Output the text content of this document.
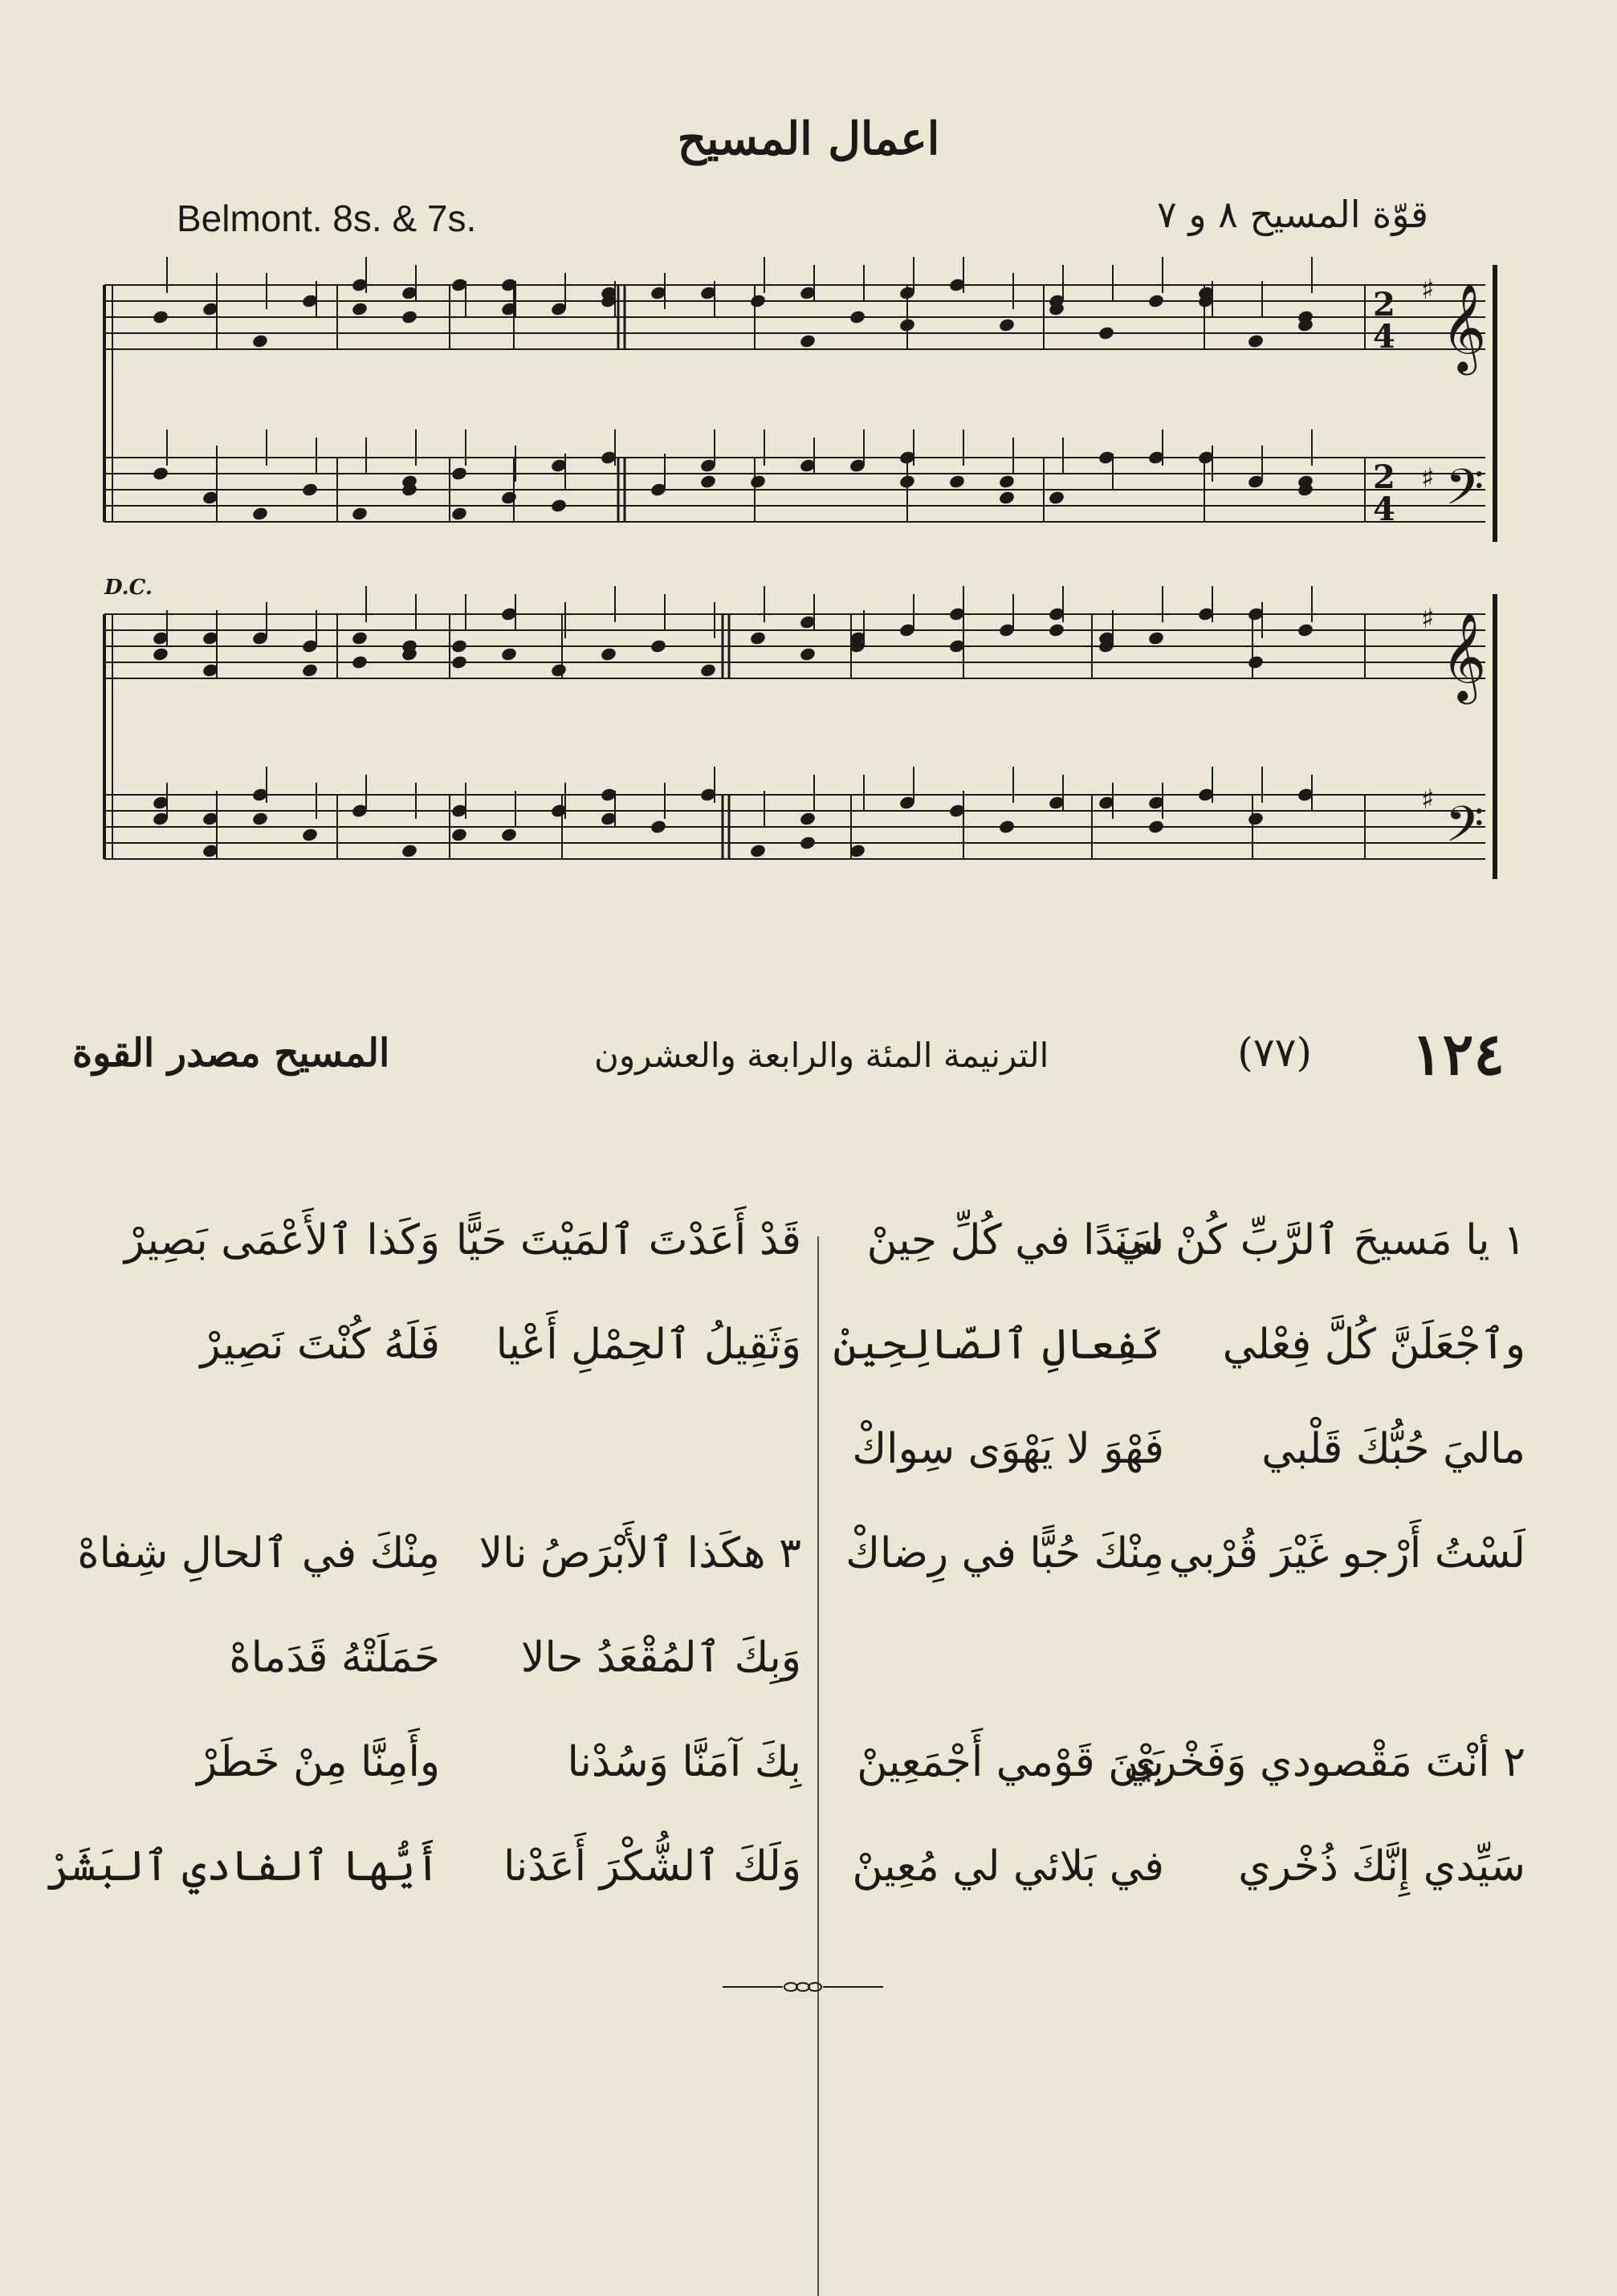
اعمال المسيح
Belmont. 8s. & 7s.	قوّة المسيح ٨ و ٧
𝄞
𝄢
𝄞
𝄢
♯
♯
♯
♯
2
4
2
4
D.C.
١٢٤
(٧٧)
الترنيمة المئة والرابعة والعشرون
المسيح مصدر القوة
١ يا مَسيحَ ٱلرَّبِّ كُنْ لي
سَنَدًا في كُلِّ حِينْ
وٱجْعَلَنَّ كُلَّ فِعْلي
كَفِعالِ ٱلصّالِحِينْ
ماليَ حُبُّكَ قَلْبي
فَهْوَ لا يَهْوَى سِواكْ
لَسْتُ أَرْجو غَيْرَ قُرْبي
مِنْكَ حُبًّا في رِضاكْ
٢ أنْتَ مَقْصودي وَفَخْري
بَيْنَ قَوْمي أَجْمَعِينْ
سَيِّدي إِنَّكَ ذُخْري
في بَلائي لي مُعِينْ
قَدْ أَعَدْتَ ٱلمَيْتَ حَيًّا
وَكَذا ٱلأَعْمَى بَصِيرْ
وَثَقِيلُ ٱلحِمْلِ أَعْيا
فَلَهُ كُنْتَ نَصِيرْ
٣ هكَذا ٱلأَبْرَصُ نالا
مِنْكَ في ٱلحالِ شِفاهْ
وَبِكَ ٱلمُقْعَدُ حالا
حَمَلَتْهُ قَدَماهْ
بِكَ آمَنَّا وَسُدْنا
وأَمِنَّا مِنْ خَطَرْ
وَلَكَ ٱلشُّكْرَ أَعَدْنا
أَيُّها ٱلفادي ٱلبَشَرْ
